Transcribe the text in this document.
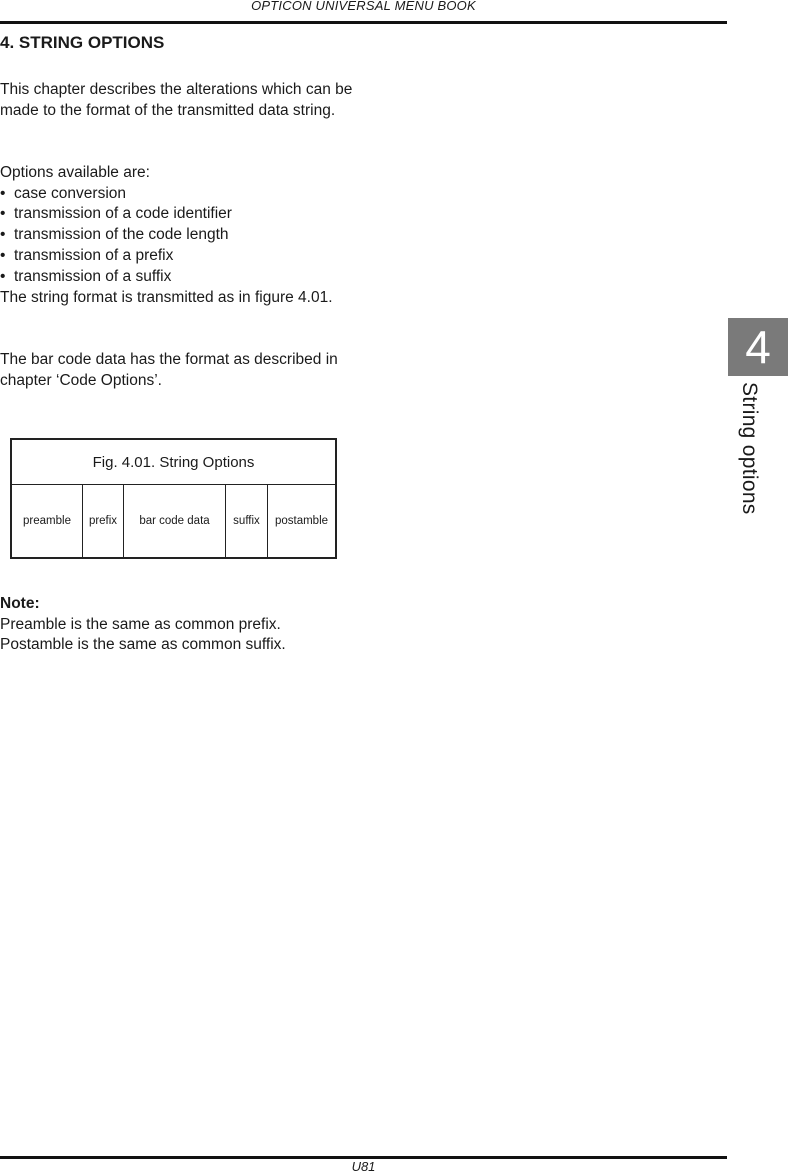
OPTICON UNIVERSAL MENU BOOK
4. STRING OPTIONS

This chapter describes the alterations which can be made to the format of the transmitted data string.

Options available are:

• case conversion
• transmission of a code identifier
• transmission of the code length
• transmission of a prefix
• transmission of a suffix

The string format is transmitted as in figure 4.01.

The bar code data has the format as described in chapter ‘Code Options’.

Fig. 4.01. String Options
preamble	prefix	bar code data	suffix	postamble

Note:

Preamble is the same as common prefix.

Postamble is the same as common suffix.

4
String options
U81
